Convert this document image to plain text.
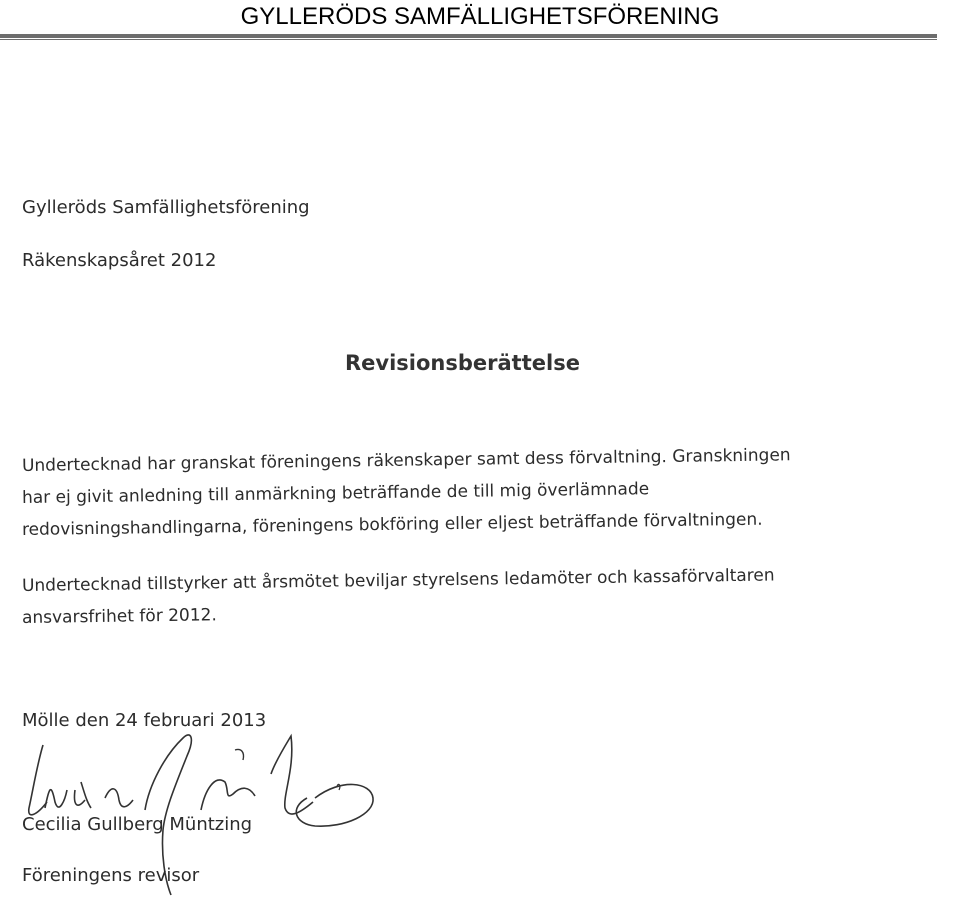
GYLLERÖDS SAMFÄLLIGHETSFÖRENING

Gylleröds Samfällighetsförening

Räkenskapsåret 2012

Revisionsberättelse

Undertecknad har granskat föreningens räkenskaper samt dess förvaltning. Granskningen

har ej givit anledning till anmärkning beträffande de till mig överlämnade

redovisningshandlingarna, föreningens bokföring eller eljest beträffande förvaltningen.

Undertecknad tillstyrker att årsmötet beviljar styrelsens ledamöter och kassaförvaltaren

ansvarsfrihet för 2012.

Mölle den 24 februari 2013

Cecilia Gullberg Müntzing

Föreningens revisor
